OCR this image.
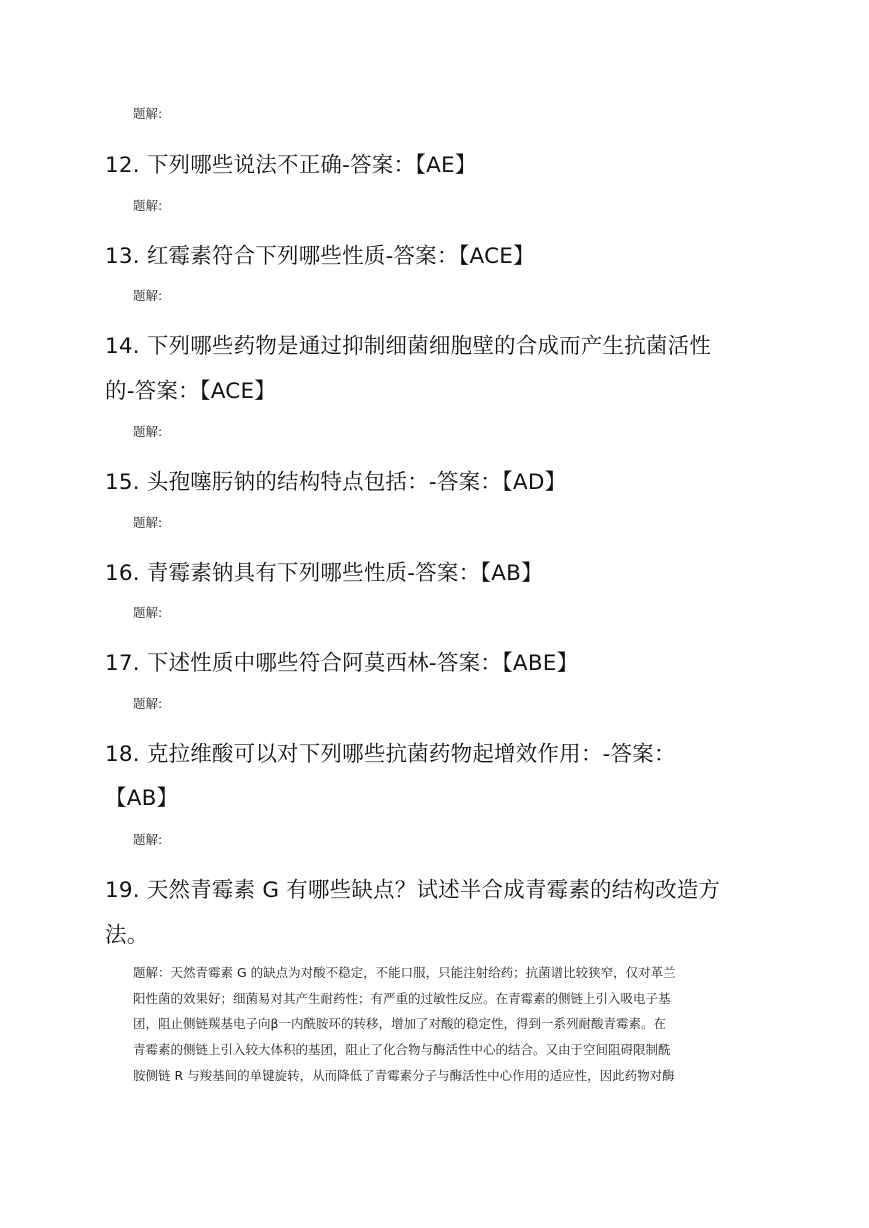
题解:
12. 下列哪些说法不正确-答案：【AE】
题解:
13. 红霉素符合下列哪些性质-答案：【ACE】
题解:
14. 下列哪些药物是通过抑制细菌细胞壁的合成而产生抗菌活性
的-答案：【ACE】
题解:
15. 头孢噻肟钠的结构特点包括：-答案：【AD】
题解:
16. 青霉素钠具有下列哪些性质-答案：【AB】
题解:
17. 下述性质中哪些符合阿莫西林-答案：【ABE】
题解:
18. 克拉维酸可以对下列哪些抗菌药物起增效作用：-答案：
【AB】
题解:
19. 天然青霉素 G 有哪些缺点？试述半合成青霉素的结构改造方
法。
题解：天然青霉素 G 的缺点为对酸不稳定，不能口服，只能注射给药；抗菌谱比较狭窄，仅对革兰
阳性菌的效果好；细菌易对其产生耐药性；有严重的过敏性反应。在青霉素的侧链上引入吸电子基
团，阻止侧链羰基电子向β一内酰胺环的转移，增加了对酸的稳定性，得到一系列耐酸青霉素。在
青霉素的侧链上引入较大体积的基团，阻止了化合物与酶活性中心的结合。又由于空间阻碍限制酰
胺侧链 R 与羧基间的单键旋转，从而降低了青霉素分子与酶活性中心作用的适应性，因此药物对酶
